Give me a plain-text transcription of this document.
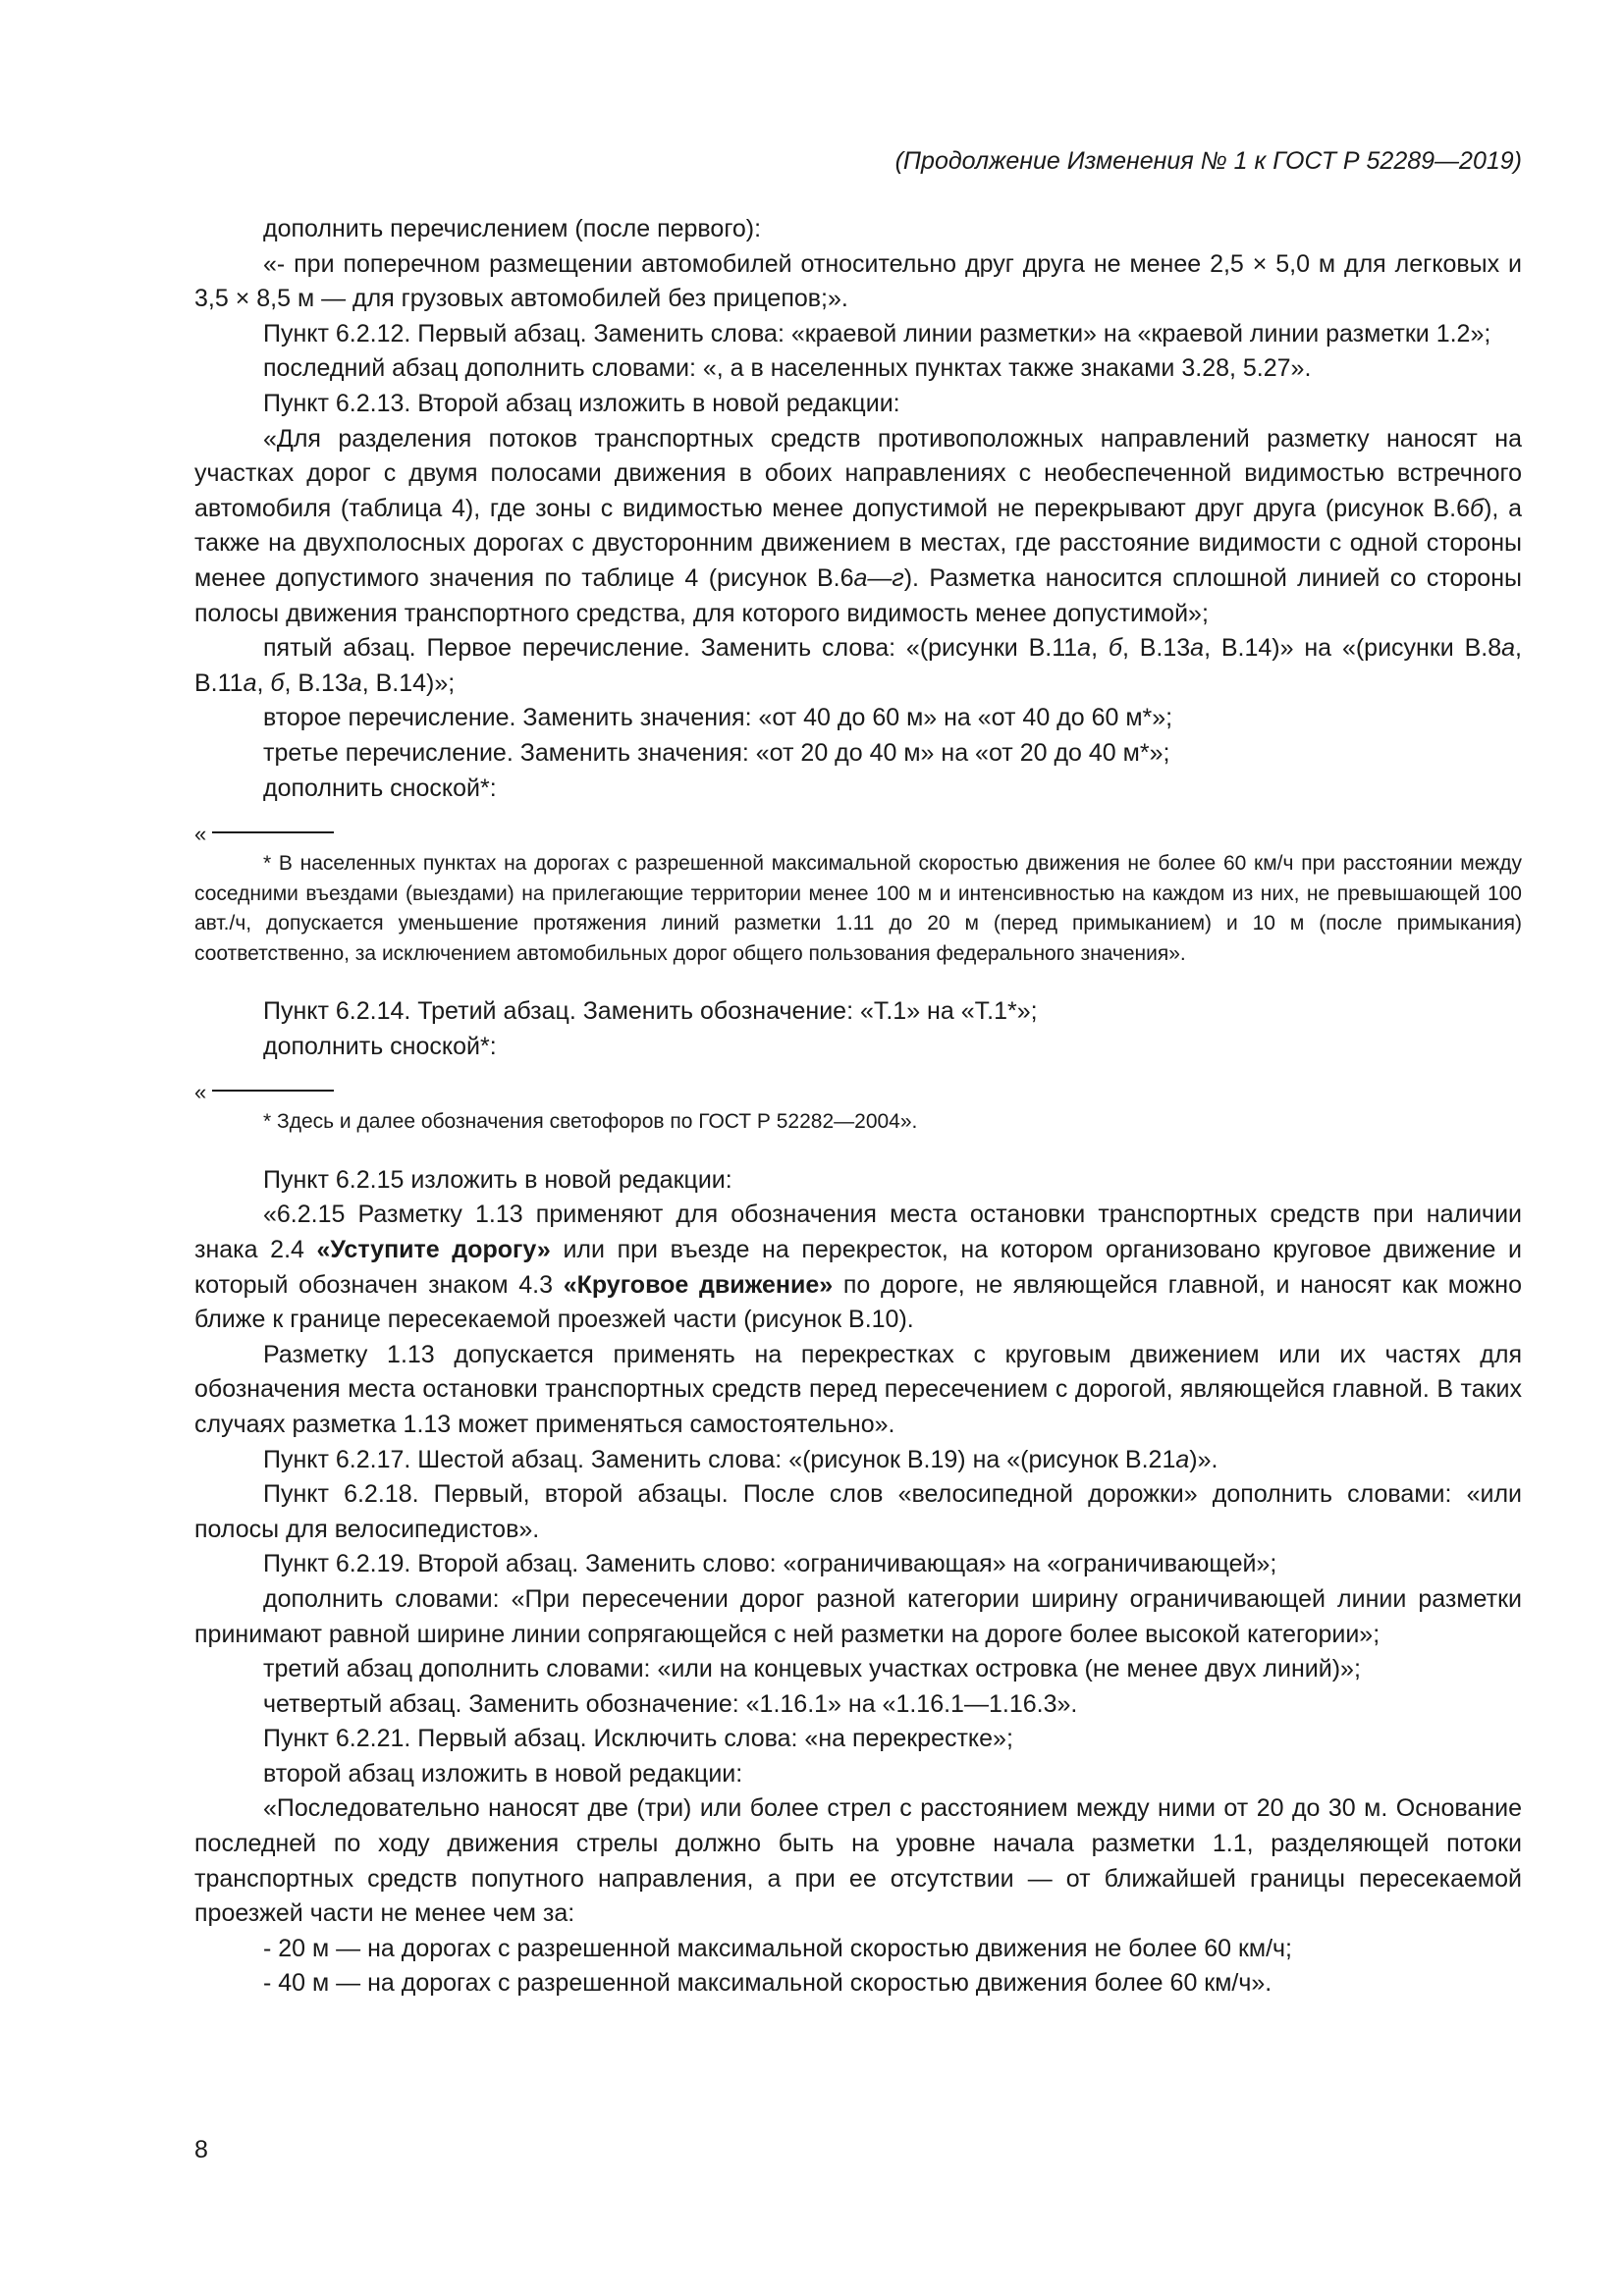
(Продолжение Изменения № 1 к ГОСТ Р 52289—2019)

дополнить перечислением (после первого):

«- при поперечном размещении автомобилей относительно друг друга не менее 2,5 × 5,0 м для легковых и 3,5 × 8,5 м — для грузовых автомобилей без прицепов;».

Пункт 6.2.12. Первый абзац. Заменить слова: «краевой линии разметки» на «краевой линии разметки 1.2»;

последний абзац дополнить словами: «, а в населенных пунктах также знаками 3.28, 5.27».

Пункт 6.2.13. Второй абзац изложить в новой редакции:

«Для разделения потоков транспортных средств противоположных направлений разметку наносят на участках дорог с двумя полосами движения в обоих направлениях с необеспеченной видимостью встречного автомобиля (таблица 4), где зоны с видимостью менее допустимой не перекрывают друг друга (рисунок В.6б), а также на двухполосных дорогах с двусторонним движением в местах, где расстояние видимости с одной стороны менее допустимого значения по таблице 4 (рисунок В.6а—г). Разметка наносится сплошной линией со стороны полосы движения транспортного средства, для которого видимость менее допустимой»;

пятый абзац. Первое перечисление. Заменить слова: «(рисунки В.11а, б, В.13а, В.14)» на «(рисунки В.8а, В.11а, б, В.13а, В.14)»;

второе перечисление. Заменить значения: «от 40 до 60 м» на «от 40 до 60 м*»;

третье перечисление. Заменить значения: «от 20 до 40 м» на «от 20 до 40 м*»;

дополнить сноской*:

«

* В населенных пунктах на дорогах с разрешенной максимальной скоростью движения не более 60 км/ч при расстоянии между соседними въездами (выездами) на прилегающие территории менее 100 м и интенсивностью на каждом из них, не превышающей 100 авт./ч, допускается уменьшение протяжения линий разметки 1.11 до 20 м (перед примыканием) и 10 м (после примыкания) соответственно, за исключением автомобильных дорог общего пользования федерального значения».

Пункт 6.2.14. Третий абзац. Заменить обозначение: «Т.1» на «Т.1*»;

дополнить сноской*:

«

* Здесь и далее обозначения светофоров по ГОСТ Р 52282—2004».

Пункт 6.2.15 изложить в новой редакции:

«6.2.15 Разметку 1.13 применяют для обозначения места остановки транспортных средств при наличии знака 2.4 «Уступите дорогу» или при въезде на перекресток, на котором организовано круговое движение и который обозначен знаком 4.3 «Круговое движение» по дороге, не являющейся главной, и наносят как можно ближе к границе пересекаемой проезжей части (рисунок В.10).

Разметку 1.13 допускается применять на перекрестках с круговым движением или их частях для обозначения места остановки транспортных средств перед пересечением с дорогой, являющейся главной. В таких случаях разметка 1.13 может применяться самостоятельно».

Пункт 6.2.17. Шестой абзац. Заменить слова: «(рисунок В.19) на «(рисунок В.21а)».

Пункт 6.2.18. Первый, второй абзацы. После слов «велосипедной дорожки» дополнить словами: «или полосы для велосипедистов».

Пункт 6.2.19. Второй абзац. Заменить слово: «ограничивающая» на «ограничивающей»;

дополнить словами: «При пересечении дорог разной категории ширину ограничивающей линии разметки принимают равной ширине линии сопрягающейся с ней разметки на дороге более высокой категории»;

третий абзац дополнить словами: «или на концевых участках островка (не менее двух линий)»;

четвертый абзац. Заменить обозначение: «1.16.1» на «1.16.1—1.16.3».

Пункт 6.2.21. Первый абзац. Исключить слова: «на перекрестке»;

второй абзац изложить в новой редакции:

«Последовательно наносят две (три) или более стрел с расстоянием между ними от 20 до 30 м. Основание последней по ходу движения стрелы должно быть на уровне начала разметки 1.1, разделяющей потоки транспортных средств попутного направления, а при ее отсутствии — от ближайшей границы пересекаемой проезжей части не менее чем за:

- 20 м — на дорогах с разрешенной максимальной скоростью движения не более 60 км/ч;

- 40 м — на дорогах с разрешенной максимальной скоростью движения более 60 км/ч».

8
